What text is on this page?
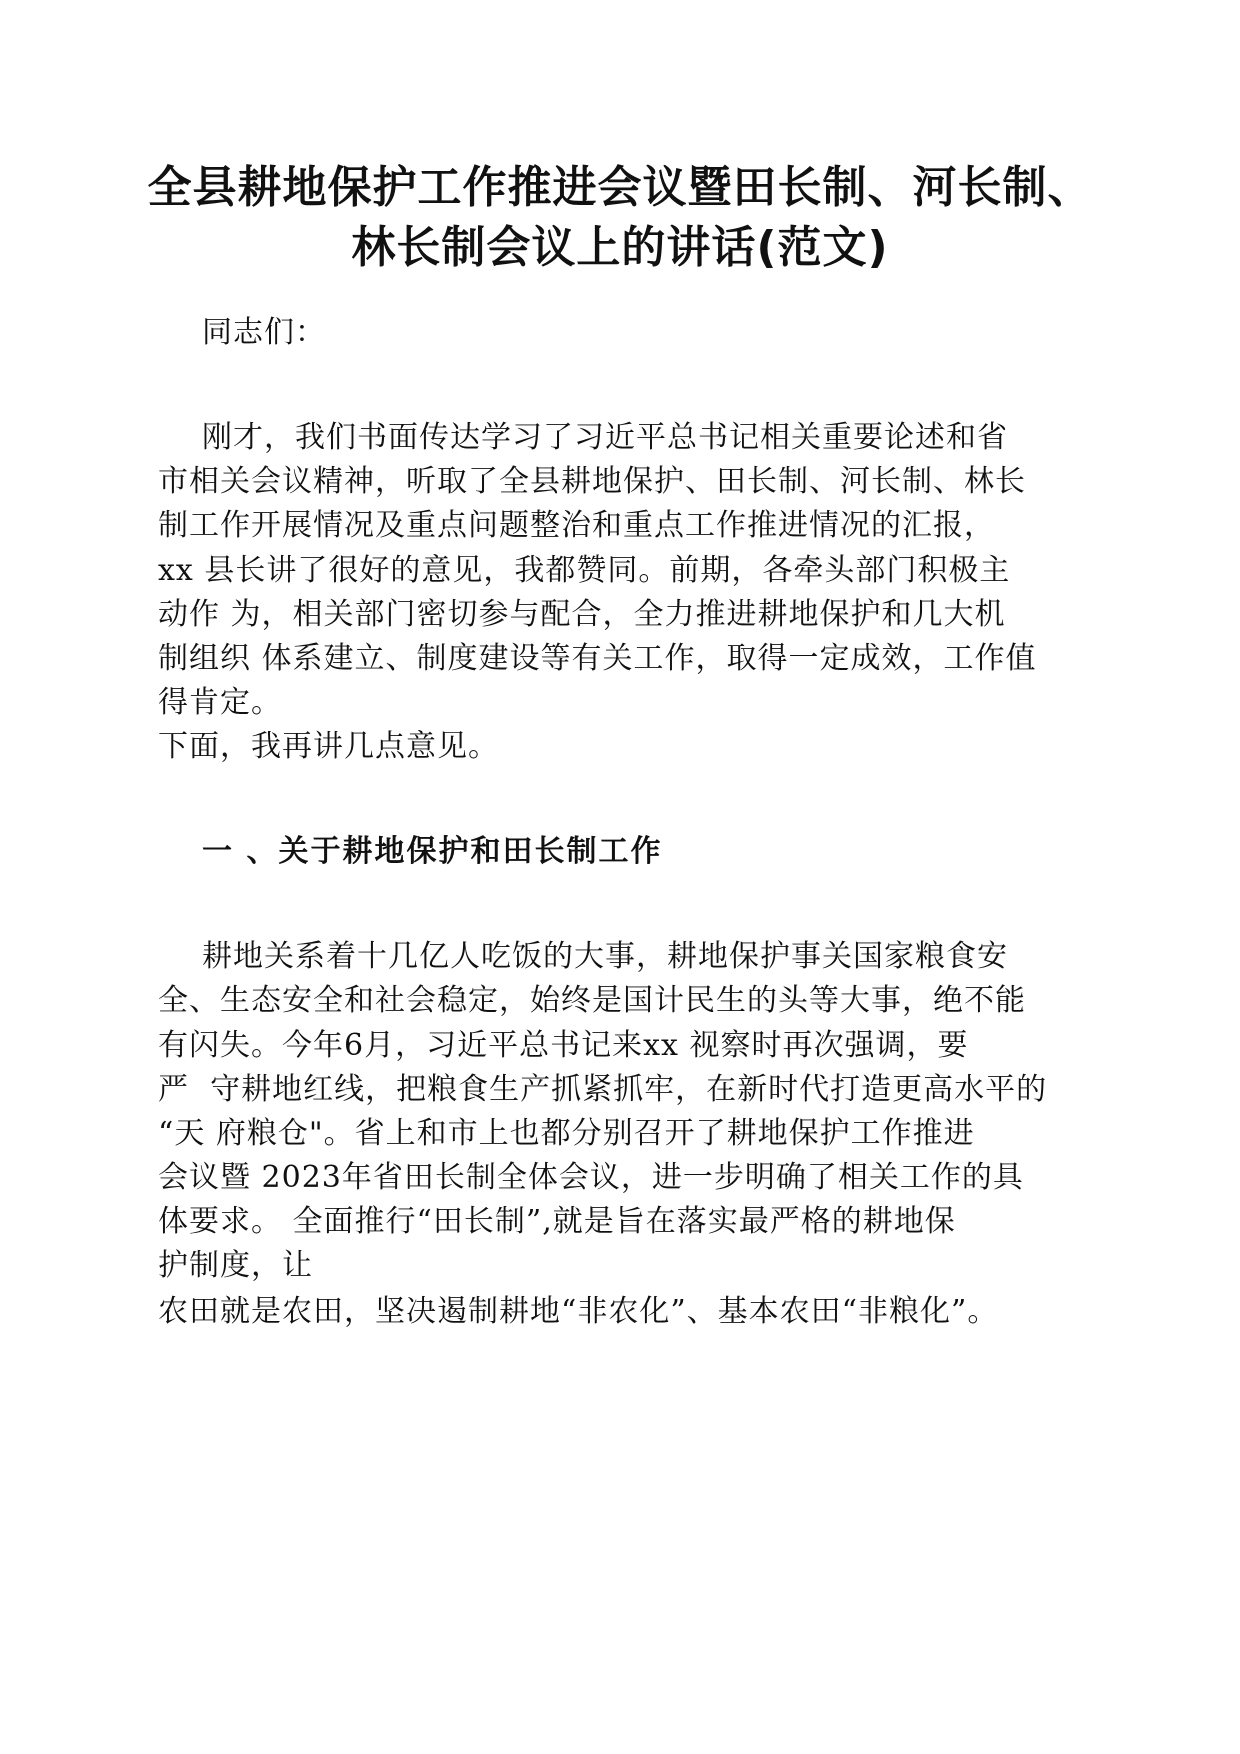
全县耕地保护工作推进会议暨田长制、河长制、
林长制会议上的讲话(范文)

同志们：

刚才，我们书面传达学习了习近平总书记相关重要论述和省

市相关会议精神，听取了全县耕地保护、田长制、河长制、林长

制工作开展情况及重点问题整治和重点工作推进情况的汇报，

xx 县长讲了很好的意见，我都赞同。前期，各牵头部门积极主

动作 为，相关部门密切参与配合，全力推进耕地保护和几大机

制组织 体系建立、制度建设等有关工作，取得一定成效，工作值

得肯定。

下面，我再讲几点意见。

一 、关于耕地保护和田长制工作

耕地关系着十几亿人吃饭的大事，耕地保护事关国家粮食安

全、生态安全和社会稳定，始终是国计民生的头等大事，绝不能

有闪失。今年6月，习近平总书记来xx 视察时再次强调，要

严  守耕地红线，把粮食生产抓紧抓牢，在新时代打造更高水平的

“天 府粮仓"。省上和市上也都分别召开了耕地保护工作推进

会议暨 2023年省田长制全体会议，进一步明确了相关工作的具

体要求。 全面推行“田长制”,就是旨在落实最严格的耕地保

护制度，让

农田就是农田，坚决遏制耕地“非农化”、基本农田“非粮化”。
